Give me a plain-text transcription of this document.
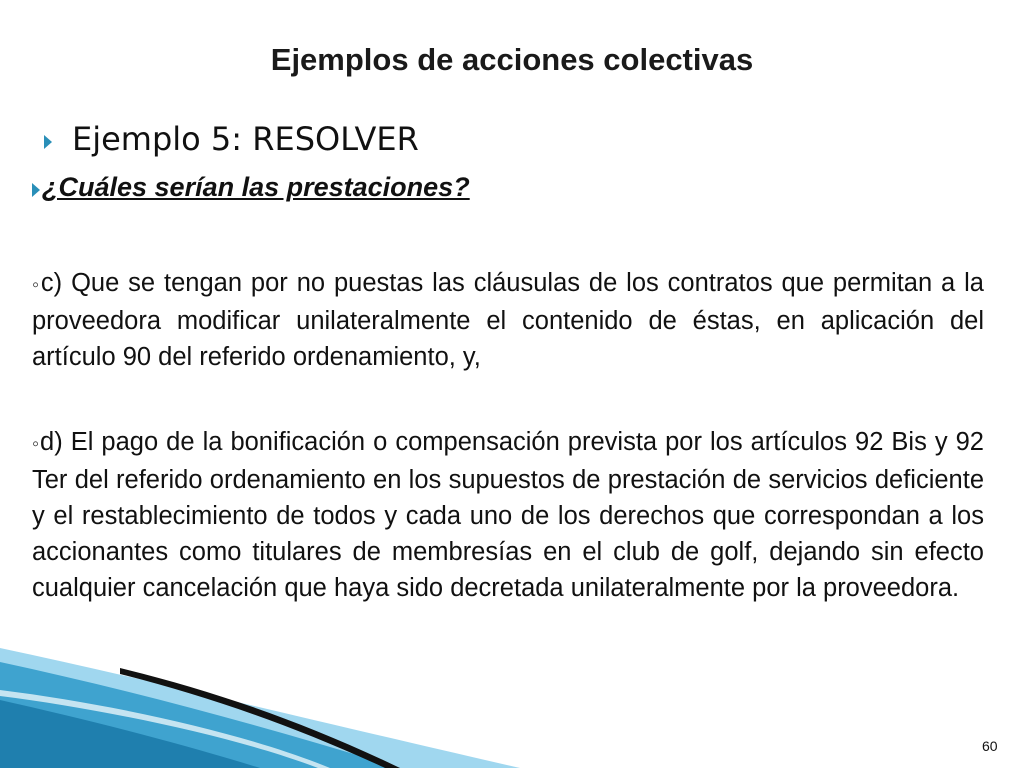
Ejemplos de acciones colectivas
Ejemplo 5: RESOLVER
¿Cuáles serían las prestaciones?
◦c) Que se tengan por no puestas las cláusulas de los contratos que permitan a la proveedora modificar unilateralmente el contenido de éstas, en aplicación del artículo 90 del referido ordenamiento, y,
◦d) El pago de la bonificación o compensación prevista por los artículos 92 Bis y 92 Ter del referido ordenamiento en los supuestos de prestación de servicios deficiente y el restablecimiento de todos y cada uno de los derechos que correspondan a los accionantes como titulares de membresías en el club de golf, dejando sin efecto cualquier cancelación que haya sido decretada unilateralmente por la proveedora.
60
